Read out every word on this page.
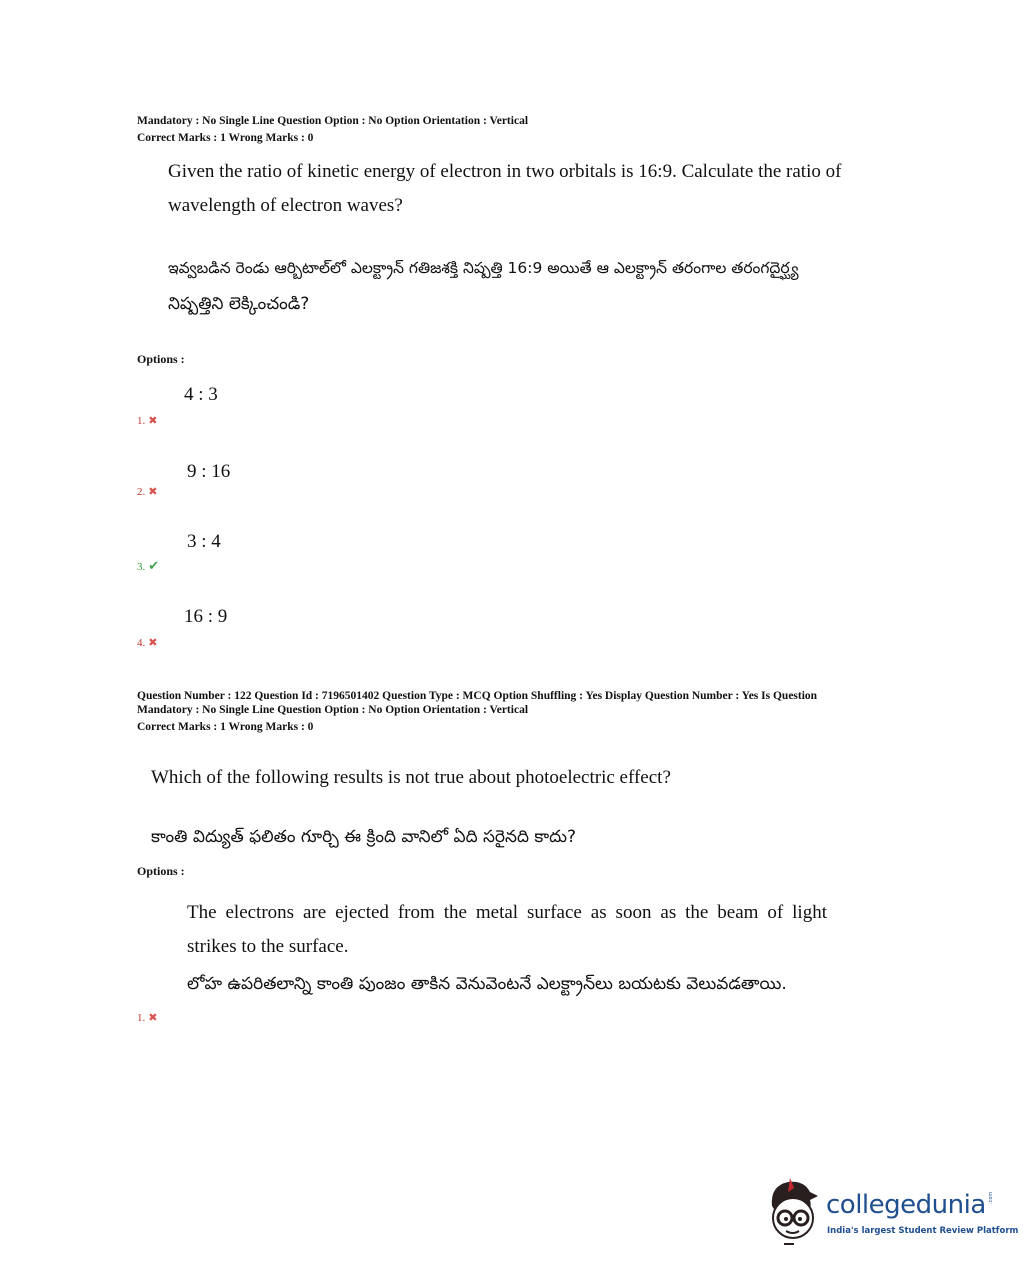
Mandatory : No Single Line Question Option : No Option Orientation : Vertical
Correct Marks : 1 Wrong Marks : 0
Given the ratio of kinetic energy of electron in two orbitals is 16:9. Calculate the ratio of
wavelength of electron waves?
ఇవ్వబడిన రెండు ఆర్బిటాల్‌లో ఎలక్ట్రాన్ గతిజశక్తి నిష్పత్తి 16:9 అయితే ఆ ఎలక్ట్రాన్ తరంగాల తరంగదైర్ఘ్య
నిష్పత్తిని లెక్కించండి?
Options :
4 : 3
1. ✖
9 : 16
2. ✖
3 : 4
3. ✔
16 : 9
4. ✖
Question Number : 122 Question Id : 7196501402 Question Type : MCQ Option Shuffling : Yes Display Question Number : Yes Is Question
Mandatory : No Single Line Question Option : No Option Orientation : Vertical
Correct Marks : 1 Wrong Marks : 0
Which of the following results is not true about photoelectric effect?
కాంతి విద్యుత్ ఫలితం గూర్చి ఈ క్రింది వానిలో ఏది సరైనది కాదు?
Options :
The electrons are ejected from the metal surface as soon as the beam of light
strikes to the surface.
లోహ ఉపరితలాన్ని కాంతి పుంజం తాకిన వెనువెంటనే ఎలక్ట్రాన్‌లు బయటకు వెలువడతాయి.
1. ✖
collegedunia .com
India's largest Student Review Platform
